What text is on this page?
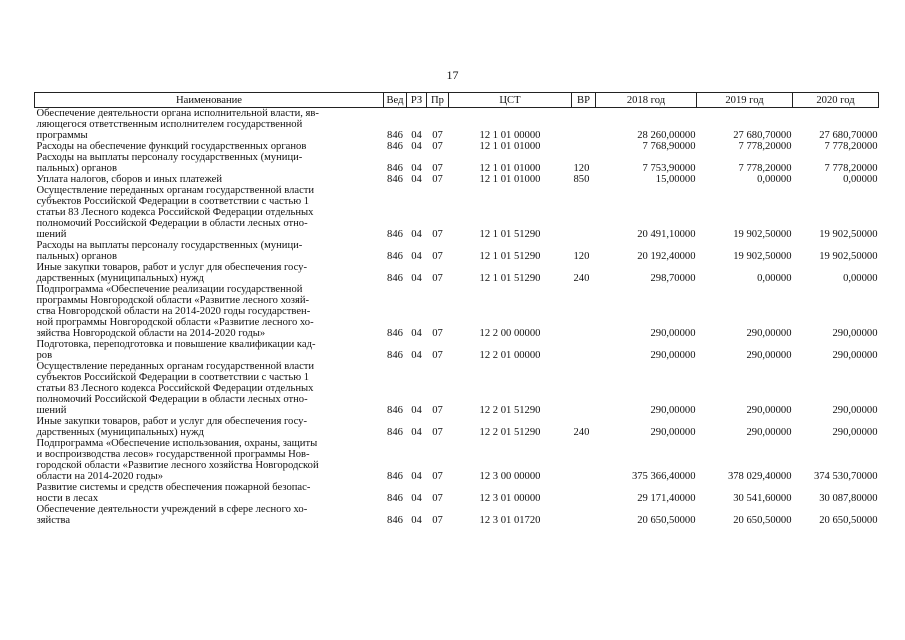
17
Наименование	Вед	РЗ	Пр	ЦСТ	ВР	2018 год	2019 год	2020 год

Обеспечение деятельности органа исполнительной власти, яв-
ляющегося ответственным исполнителем государственной
программы	846	04	07	12 1 01 00000		28 260,00000	27 680,70000	27 680,70000

Расходы на обеспечение функций государственных органов	846	04	07	12 1 01 01000		7 768,90000	7 778,20000	7 778,20000

Расходы на выплаты персоналу государственных (муници-
пальных) органов	846	04	07	12 1 01 01000	120	7 753,90000	7 778,20000	7 778,20000

Уплата налогов, сборов и иных платежей	846	04	07	12 1 01 01000	850	15,00000	0,00000	0,00000

Осуществление переданных органам государственной власти
субъектов Российской Федерации в соответствии с частью 1
статьи 83 Лесного кодекса Российской Федерации отдельных
полномочий Российской Федерации в области лесных отно-
шений	846	04	07	12 1 01 51290		20 491,10000	19 902,50000	19 902,50000

Расходы на выплаты персоналу государственных (муници-
пальных) органов	846	04	07	12 1 01 51290	120	20 192,40000	19 902,50000	19 902,50000

Иные закупки товаров, работ и услуг для обеспечения госу-
дарственных (муниципальных) нужд	846	04	07	12 1 01 51290	240	298,70000	0,00000	0,00000

Подпрограмма «Обеспечение реализации государственной
программы Новгородской области «Развитие лесного хозяй-
ства Новгородской области на 2014-2020 годы государствен-
ной программы Новгородской области «Развитие лесного хо-
зяйства Новгородской области на 2014-2020 годы»	846	04	07	12 2 00 00000		290,00000	290,00000	290,00000

Подготовка, переподготовка и повышение квалификации кад-
ров	846	04	07	12 2 01 00000		290,00000	290,00000	290,00000

Осуществление переданных органам государственной власти
субъектов Российской Федерации в соответствии с частью 1
статьи 83 Лесного кодекса Российской Федерации отдельных
полномочий Российской Федерации в области лесных отно-
шений	846	04	07	12 2 01 51290		290,00000	290,00000	290,00000

Иные закупки товаров, работ и услуг для обеспечения госу-
дарственных (муниципальных) нужд	846	04	07	12 2 01 51290	240	290,00000	290,00000	290,00000

Подпрограмма «Обеспечение использования, охраны, защиты
и воспроизводства лесов» государственной программы Нов-
городской области «Развитие лесного хозяйства Новгородской
области на 2014-2020 годы»	846	04	07	12 3 00 00000		375 366,40000	378 029,40000	374 530,70000

Развитие системы и средств обеспечения пожарной безопас-
ности в лесах	846	04	07	12 3 01 00000		29 171,40000	30 541,60000	30 087,80000

Обеспечение деятельности учреждений в сфере лесного хо-
зяйства	846	04	07	12 3 01 01720		20 650,50000	20 650,50000	20 650,50000
